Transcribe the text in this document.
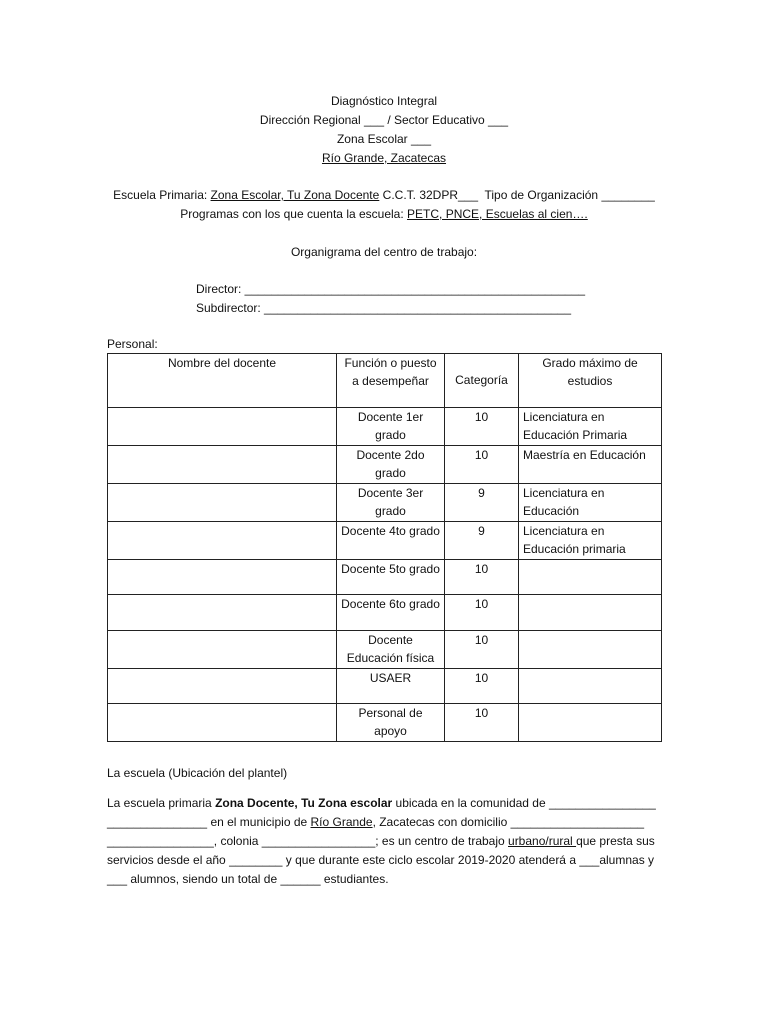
Diagnóstico Integral
Dirección Regional ___ / Sector Educativo ___
Zona Escolar ___
Río Grande, Zacatecas
Escuela Primaria: Zona Escolar, Tu Zona Docente C.C.T. 32DPR___ Tipo de Organización ________
Programas con los que cuenta la escuela: PETC, PNCE, Escuelas al cien….
Organigrama del centro de trabajo:
Director: ___________________________________________________
Subdirector: ______________________________________________
Personal:
Nombre del docente	Función o puesto a desempeñar	Categoría	Grado máximo de estudios
	Docente 1er grado	10	Licenciatura en Educación Primaria
	Docente 2do grado	10	Maestría en Educación
	Docente 3er grado	9	Licenciatura en Educación
	Docente 4to grado	9	Licenciatura en Educación primaria
	Docente 5to grado	10	
	Docente 6to grado	10	
	Docente Educación física	10	
	USAER	10	
	Personal de apoyo	10	
La escuela (Ubicación del plantel)
La escuela primaria Zona Docente, Tu Zona escolar ubicada en la comunidad de ________________ _______________ en el municipio de Río Grande, Zacatecas con domicilio ____________________ ________________, colonia _________________; es un centro de trabajo urbano/rural que presta sus servicios desde el año ________ y que durante este ciclo escolar 2019-2020 atenderá a ___alumnas y ___ alumnos, siendo un total de ______ estudiantes.
